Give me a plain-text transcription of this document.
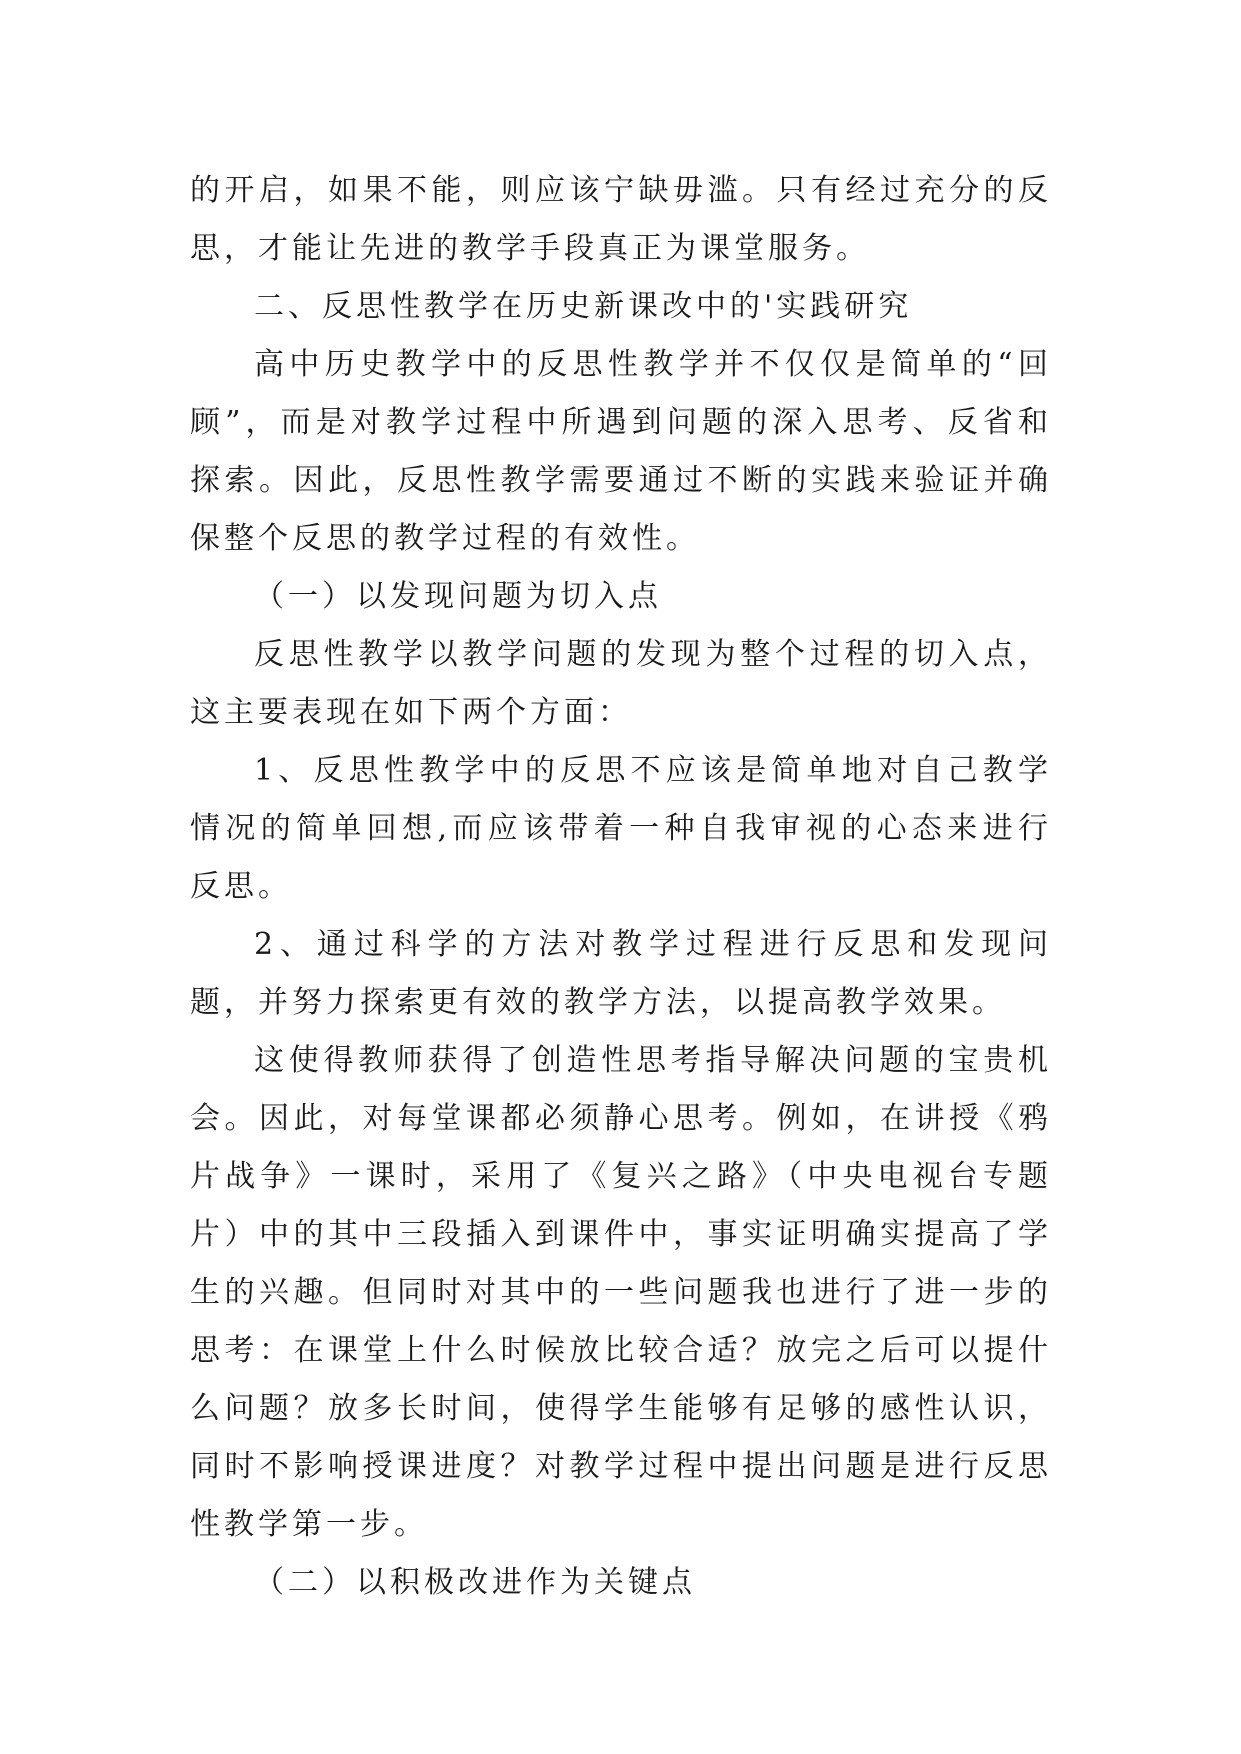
的开启，如果不能，则应该宁缺毋滥。只有经过充分的反思，才能让先进的教学手段真正为课堂服务。

二、反思性教学在历史新课改中的'实践研究

高中历史教学中的反思性教学并不仅仅是简单的“回顾”，而是对教学过程中所遇到问题的深入思考、反省和探索。因此，反思性教学需要通过不断的实践来验证并确保整个反思的教学过程的有效性。

（一）以发现问题为切入点

反思性教学以教学问题的发现为整个过程的切入点，这主要表现在如下两个方面：

1、反思性教学中的反思不应该是简单地对自己教学情况的简单回想,而应该带着一种自我审视的心态来进行反思。

2、通过科学的方法对教学过程进行反思和发现问题，并努力探索更有效的教学方法，以提高教学效果。

这使得教师获得了创造性思考指导解决问题的宝贵机会。因此，对每堂课都必须静心思考。例如，在讲授《鸦片战争》一课时，采用了《复兴之路》（中央电视台专题片）中的其中三段插入到课件中，事实证明确实提高了学生的兴趣。但同时对其中的一些问题我也进行了进一步的思考：在课堂上什么时候放比较合适？放完之后可以提什么问题？放多长时间，使得学生能够有足够的感性认识，同时不影响授课进度？对教学过程中提出问题是进行反思性教学第一步。

（二）以积极改进作为关键点
